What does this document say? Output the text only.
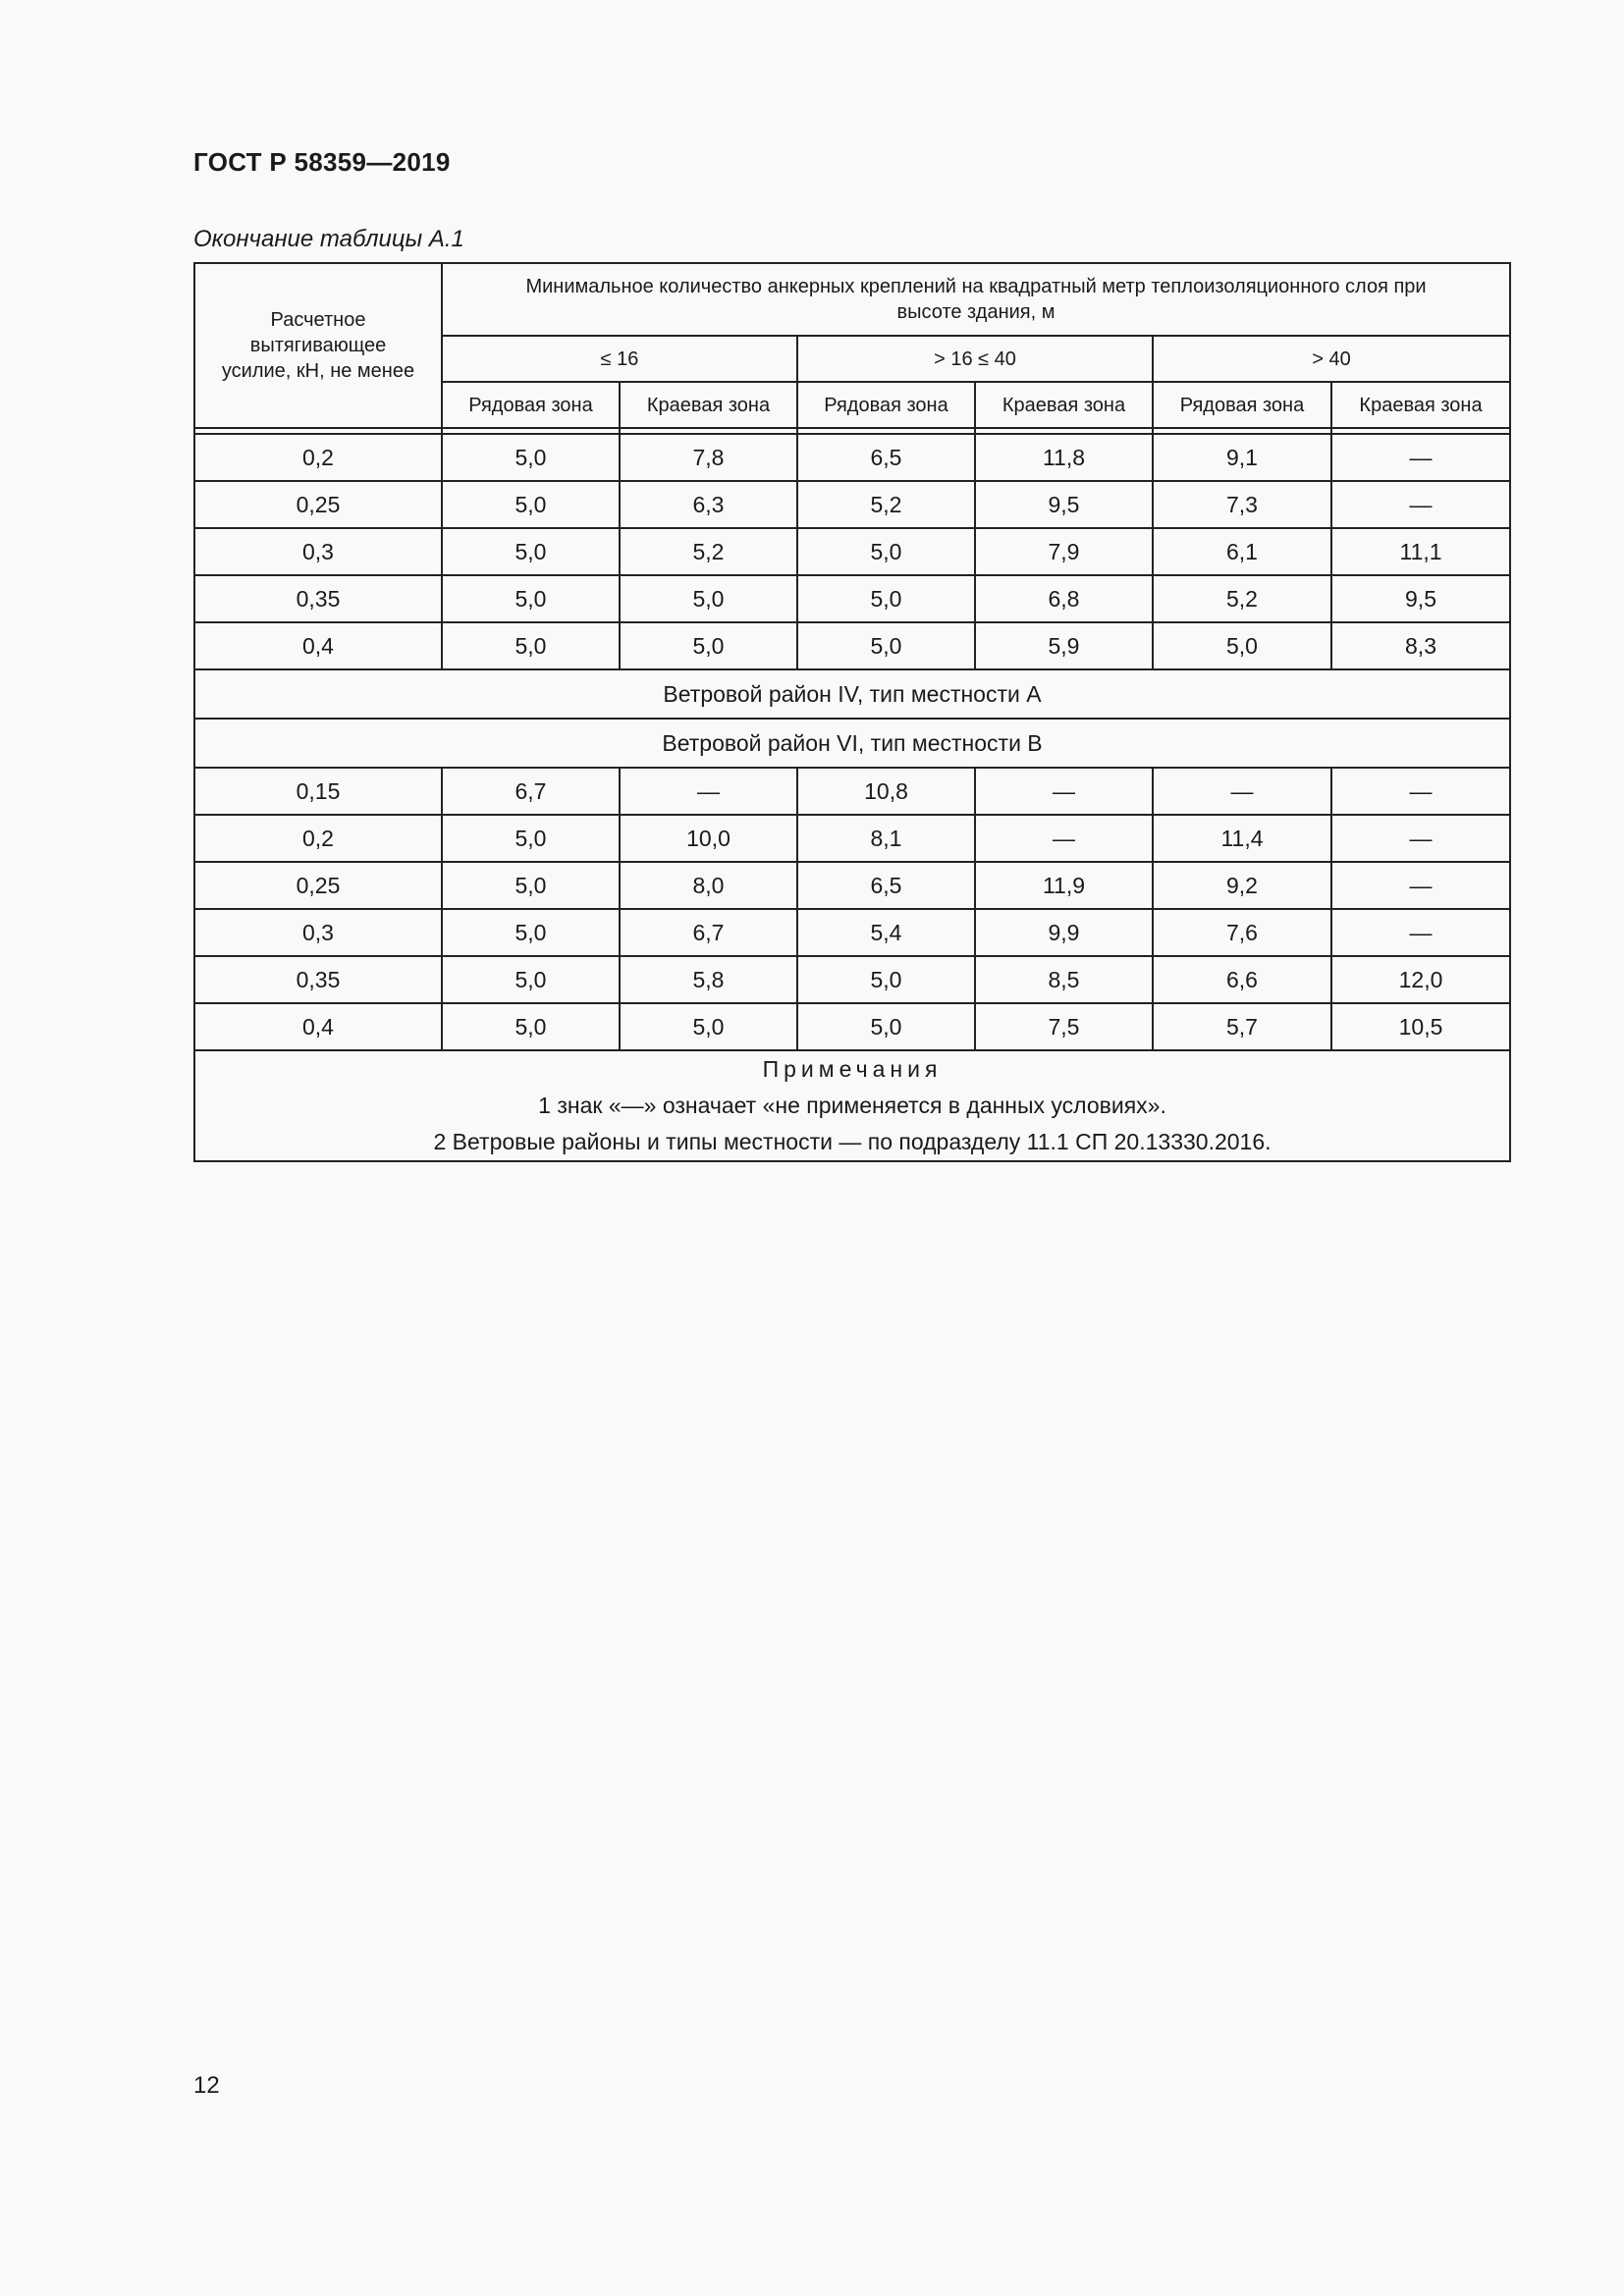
ГОСТ Р 58359—2019
Окончание таблицы А.1
Расчетное вытягивающее усилие, кН, не менее	Минимальное количество анкерных креплений на квадратный метр теплоизоляционного слоя при высоте здания, м					
	≤ 16		> 16 ≤ 40		> 40	
	Рядовая зона	Краевая зона	Рядовая зона	Краевая зона	Рядовая зона	Краевая зона

0,2	5,0	7,8	6,5	11,8	9,1	—
0,25	5,0	6,3	5,2	9,5	7,3	—
0,3	5,0	5,2	5,0	7,9	6,1	11,1
0,35	5,0	5,0	5,0	6,8	5,2	9,5
0,4	5,0	5,0	5,0	5,9	5,0	8,3
Ветровой район IV, тип местности А						
Ветровой район VI, тип местности В						
0,15	6,7	—	10,8	—	—	—
0,2	5,0	10,0	8,1	—	11,4	—
0,25	5,0	8,0	6,5	11,9	9,2	—
0,3	5,0	6,7	5,4	9,9	7,6	—
0,35	5,0	5,8	5,0	8,5	6,6	12,0
0,4	5,0	5,0	5,0	7,5	5,7	10,5

Примечания
1 знак «—» означает «не применяется в данных условиях».
2 Ветровые районы и типы местности — по подразделу 11.1 СП 20.13330.2016.						
12
